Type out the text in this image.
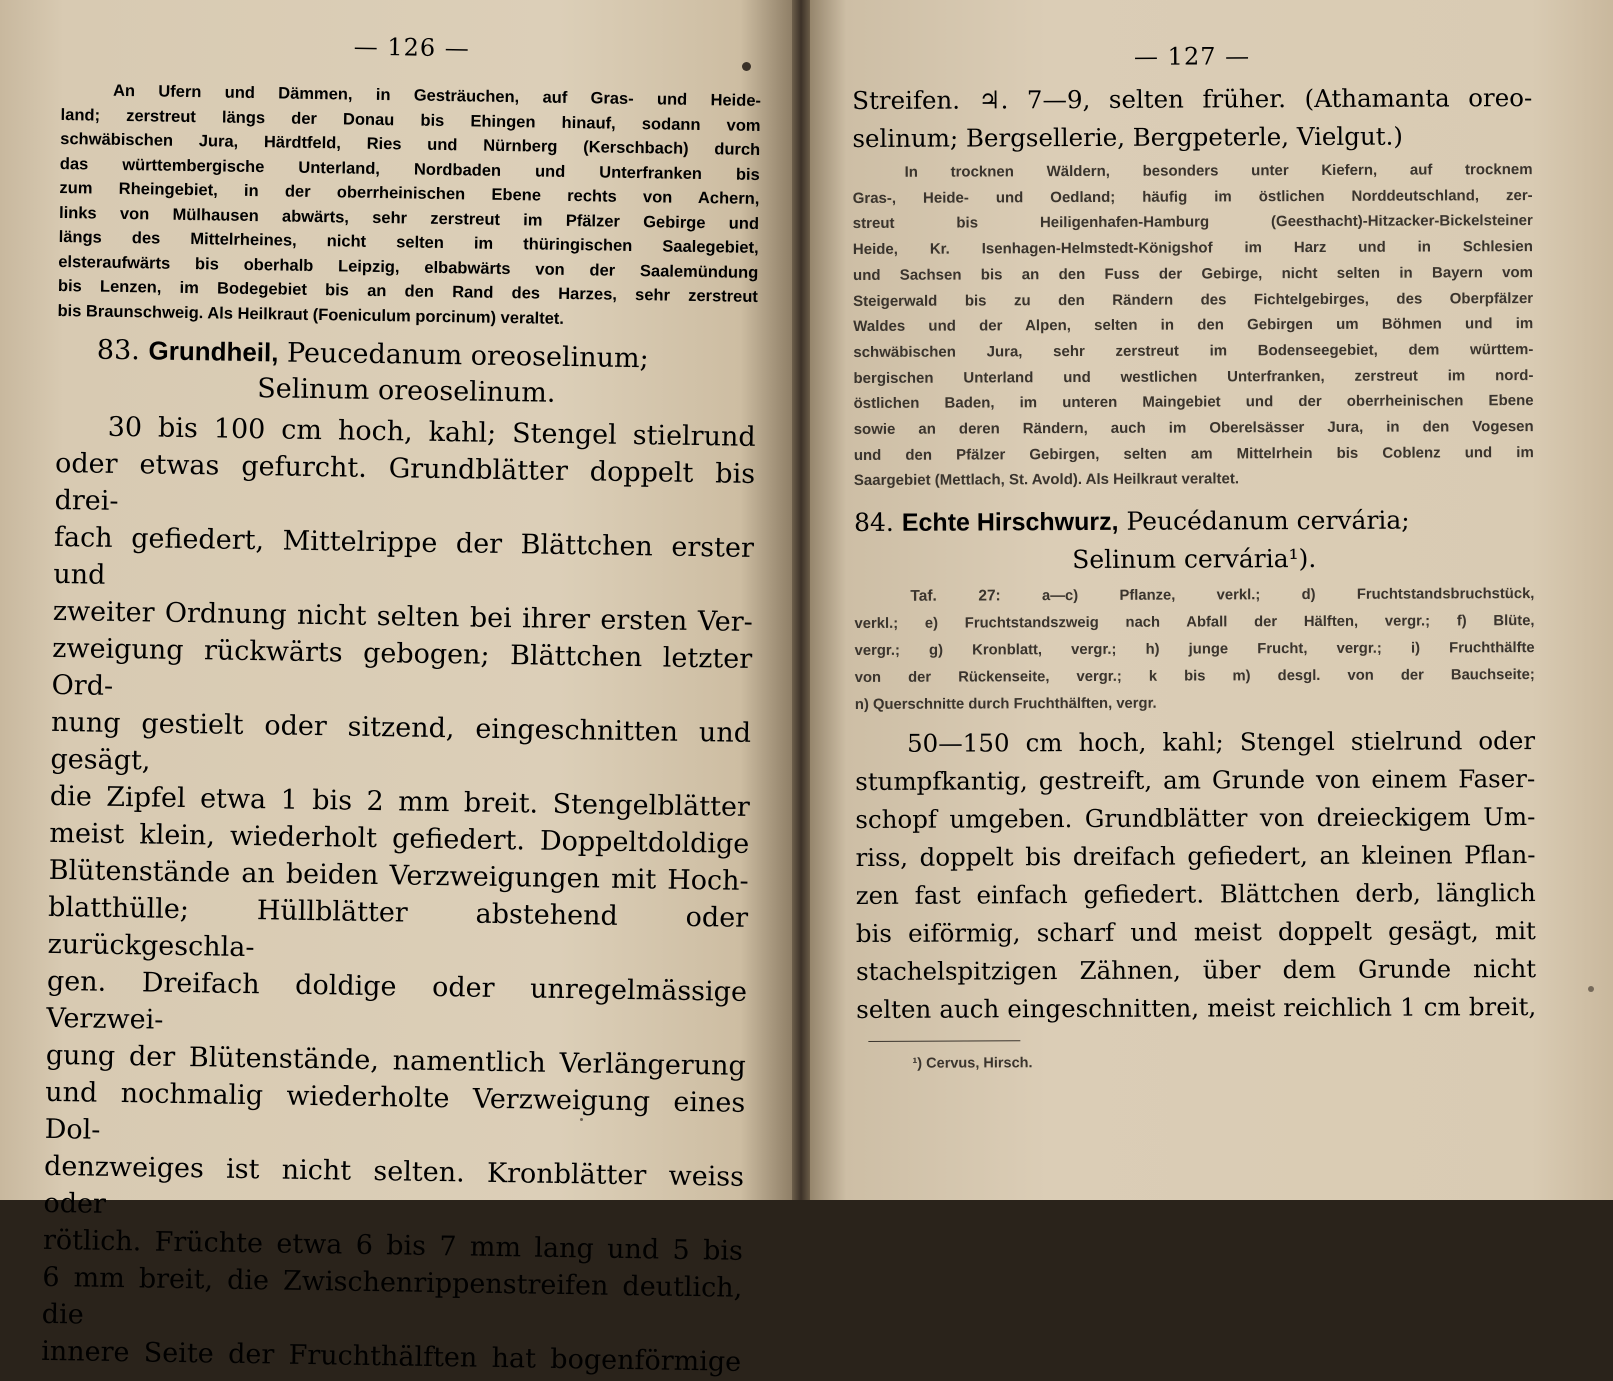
— 126 —
An Ufern und Dämmen, in Gesträuchen, auf Gras- und Heide-
land; zerstreut längs der Donau bis Ehingen hinauf, sodann vom
schwäbischen Jura, Härdtfeld, Ries und Nürnberg (Kerschbach) durch
das württembergische Unterland, Nordbaden und Unterfranken bis
zum Rheingebiet, in der oberrheinischen Ebene rechts von Achern,
links von Mülhausen abwärts, sehr zerstreut im Pfälzer Gebirge und
längs des Mittelrheines, nicht selten im thüringischen Saalegebiet,
elsteraufwärts bis oberhalb Leipzig, elbabwärts von der Saalemündung
bis Lenzen, im Bodegebiet bis an den Rand des Harzes, sehr zerstreut
bis Braunschweig. Als Heilkraut (Foeniculum porcinum) veraltet.
83. Grundheil, Peucedanum oreoselinum;
Selinum oreoselinum.
30 bis 100 cm hoch, kahl; Stengel stielrund
oder etwas gefurcht. Grundblätter doppelt bis drei-
fach gefiedert, Mittelrippe der Blättchen erster und
zweiter Ordnung nicht selten bei ihrer ersten Ver-
zweigung rückwärts gebogen; Blättchen letzter Ord-
nung gestielt oder sitzend, eingeschnitten und gesägt,
die Zipfel etwa 1 bis 2 mm breit. Stengelblätter
meist klein, wiederholt gefiedert. Doppeltdoldige
Blütenstände an beiden Verzweigungen mit Hoch-
blatthülle; Hüllblätter abstehend oder zurückgeschla-
gen. Dreifach doldige oder unregelmässige Verzwei-
gung der Blütenstände, namentlich Verlängerung
und nochmalig wiederholte Verzweigung eines Dol-
denzweiges ist nicht selten. Kronblätter weiss oder
rötlich. Früchte etwa 6 bis 7 mm lang und 5 bis
6 mm breit, die Zwischenrippenstreifen deutlich, die
innere Seite der Fruchthälften hat bogenförmige
— 127 —
Streifen. ♃. 7—9, selten früher. (Athamanta oreo-
selinum; Bergsellerie, Bergpeterle, Vielgut.)
In trocknen Wäldern, besonders unter Kiefern, auf trocknem
Gras-, Heide- und Oedland; häufig im östlichen Norddeutschland, zer-
streut bis Heiligenhafen-Hamburg (Geesthacht)-Hitzacker-Bickelsteiner
Heide, Kr. Isenhagen-Helmstedt-Königshof im Harz und in Schlesien
und Sachsen bis an den Fuss der Gebirge, nicht selten in Bayern vom
Steigerwald bis zu den Rändern des Fichtelgebirges, des Oberpfälzer
Waldes und der Alpen, selten in den Gebirgen um Böhmen und im
schwäbischen Jura, sehr zerstreut im Bodenseegebiet, dem württem-
bergischen Unterland und westlichen Unterfranken, zerstreut im nord-
östlichen Baden, im unteren Maingebiet und der oberrheinischen Ebene
sowie an deren Rändern, auch im Oberelsässer Jura, in den Vogesen
und den Pfälzer Gebirgen, selten am Mittelrhein bis Coblenz und im
Saargebiet (Mettlach, St. Avold). Als Heilkraut veraltet.
84. Echte Hirschwurz, Peucédanum cervária;
Selinum cervária¹).
Taf. 27: a—c) Pflanze, verkl.; d) Fruchtstandsbruchstück,
verkl.; e) Fruchtstandszweig nach Abfall der Hälften, vergr.; f) Blüte,
vergr.; g) Kronblatt, vergr.; h) junge Frucht, vergr.; i) Fruchthälfte
von der Rückenseite, vergr.; k bis m) desgl. von der Bauchseite;
n) Querschnitte durch Fruchthälften, vergr.
50—150 cm hoch, kahl; Stengel stielrund oder
stumpfkantig, gestreift, am Grunde von einem Faser-
schopf umgeben. Grundblätter von dreieckigem Um-
riss, doppelt bis dreifach gefiedert, an kleinen Pflan-
zen fast einfach gefiedert. Blättchen derb, länglich
bis eiförmig, scharf und meist doppelt gesägt, mit
stachelspitzigen Zähnen, über dem Grunde nicht
selten auch eingeschnitten, meist reichlich 1 cm breit,
¹) Cervus, Hirsch.
